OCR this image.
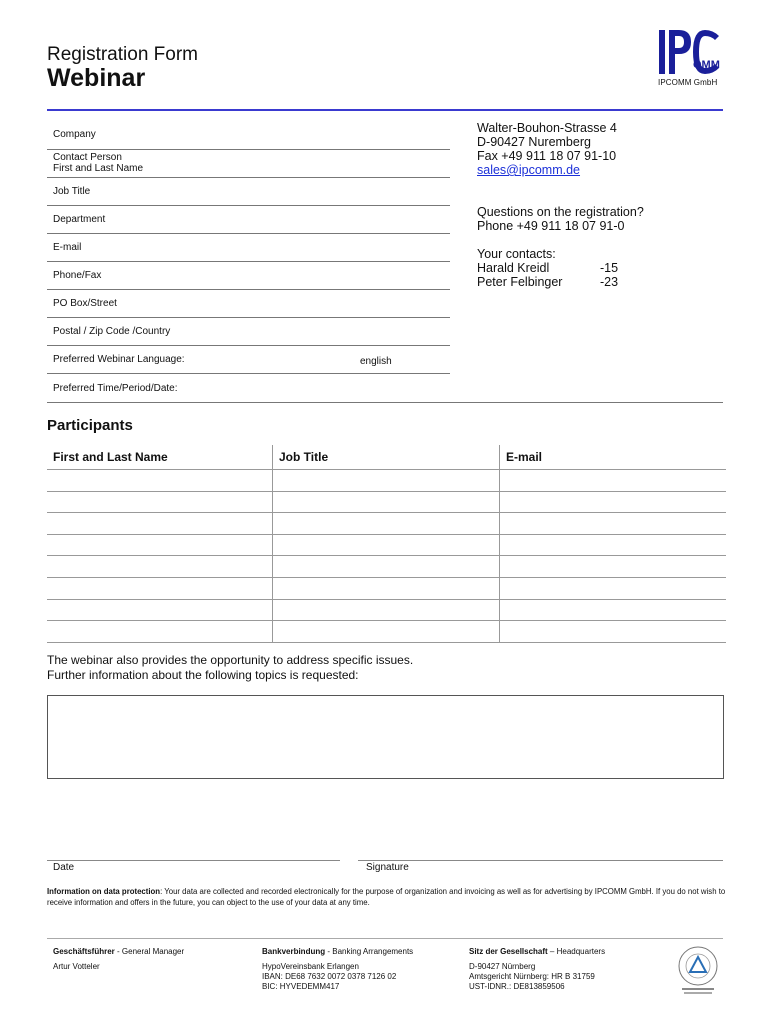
Registration Form
Webinar	OMM
IPCOMM GmbH
Company
Contact Person
First and Last Name
Job Title
Department
E-mail
Phone/Fax
PO Box/Street
Postal / Zip Code /Country
Preferred Webinar Language:	english
Preferred Time/Period/Date:
Walter-Bouhon-Strasse 4
D-90427 Nuremberg
Fax +49 911 18 07 91-10
sales@ipcomm.de
Questions on the registration?
Phone +49 911 18 07 91-0
Your contacts:
Harald Kreidl	-15
Peter Felbinger	-23
Participants
First and Last Name	Job Title	E-mail

The webinar also provides the opportunity to address specific issues.
Further information about the following topics is requested:
Date	Signature
Information on data protection: Your data are collected and recorded electronically for the purpose of organization and invoicing as well as for advertising by IPCOMM GmbH. If you do not wish to receive information and offers in the future, you can object to the use of your data at any time.
Geschäftsführer - General Manager
Artur Votteler
Bankverbindung - Banking Arrangements
HypoVereinsbank Erlangen
IBAN: DE68 7632 0072 0378 7126 02
BIC: HYVEDEMM417
Sitz der Gesellschaft – Headquarters
D-90427 Nürnberg
Amtsgericht Nürnberg: HR B 31759
UST-IDNR.: DE813859506
